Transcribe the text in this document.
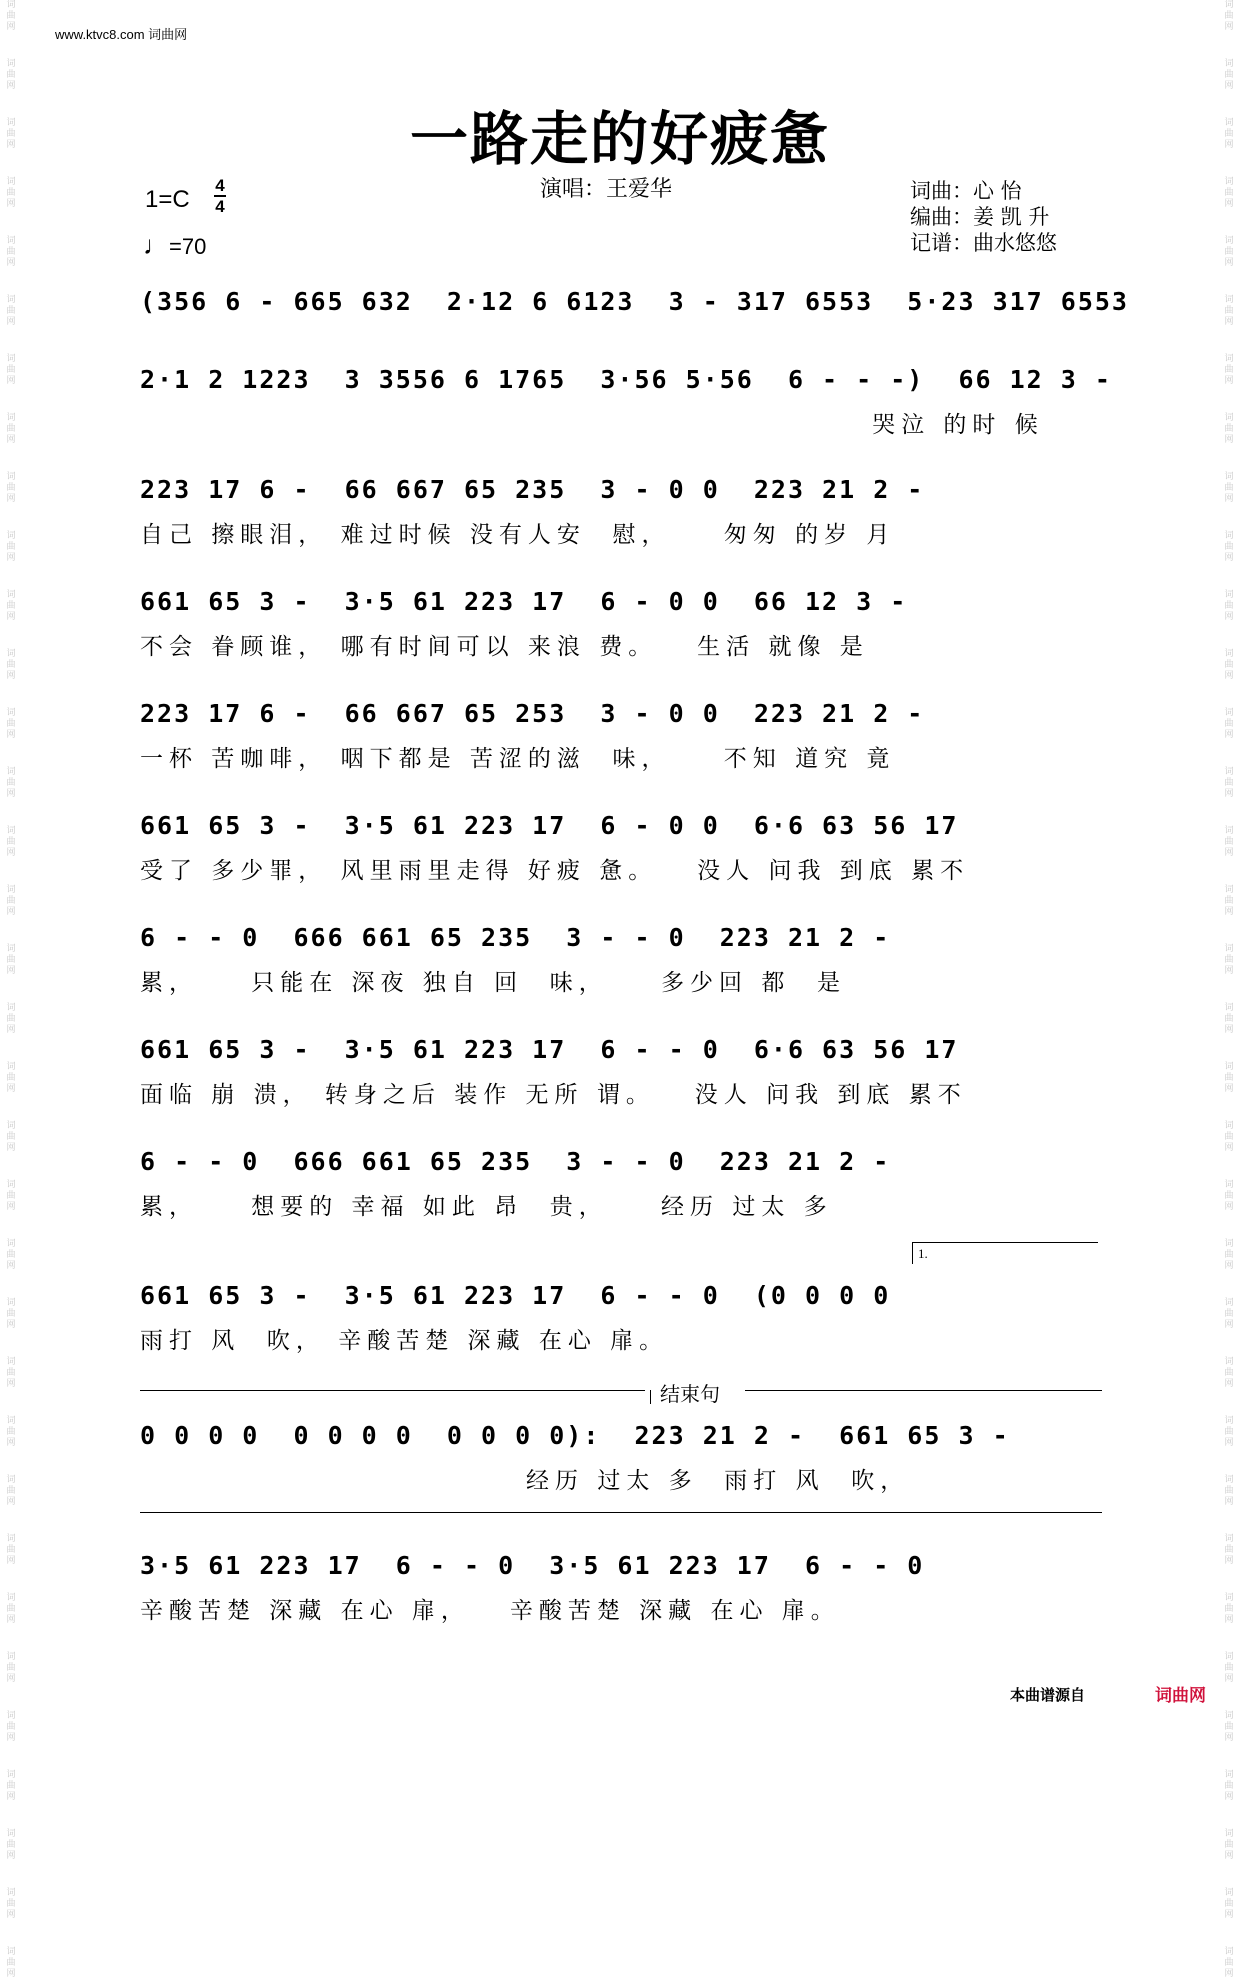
www.ktvc8.com 词曲网
词
曲
网
词
曲
网
词
曲
网
词
曲
网
词
曲
网
词
曲
网
词
曲
网
词
曲
网
词
曲
网
词
曲
网
词
曲
网
词
曲
网
词
曲
网
词
曲
网
词
曲
网
词
曲
网
词
曲
网
词
曲
网
词
曲
网
词
曲
网
词
曲
网
词
曲
网
词
曲
网
词
曲
网
词
曲
网
词
曲
网
词
曲
网
词
曲
网
词
曲
网
词
曲
网
词
曲
网
词
曲
网
词
曲
网
词
曲
网
词
曲
网
词
曲
网
词
曲
网
词
曲
网
词
曲
网
词
曲
网
词
曲
网
词
曲
网
词
曲
网
词
曲
网
词
曲
网
词
曲
网
词
曲
网
词
曲
网
词
曲
网
词
曲
网
词
曲
网
词
曲
网
词
曲
网
词
曲
网
词
曲
网
词
曲
网
词
曲
网
词
曲
网
词
曲
网
词
曲
网
词
曲
网
词
曲
网
词
曲
网
词
曲
网
词
曲
网
词
曲
网
词
曲
网
词
曲
网
一路走的好疲惫
1=C
4
4
♩=70
演唱：王爱华	词曲：心 怡
编曲：姜 凯 升
记谱：曲水悠悠
(356 6 - 665 632  2·12 6 6123  3 - 317 6553  5·23 317 6553
2·1 2 1223  3 3556 6 1765  3·56 5·56  6 - - -)  66 12 3 -
哭泣 的时 候
223 17 6 -  66 667 65 235  3 - 0 0  223 21 2 -
自己 擦眼泪， 难过时候 没有人安  慰，    匆匆 的岁 月
661 65 3 -  3·5 61 223 17  6 - 0 0  66 12 3 -
不会 眷顾谁， 哪有时间可以 来浪 费。   生活 就像 是
223 17 6 -  66 667 65 253  3 - 0 0  223 21 2 -
一杯 苦咖啡， 咽下都是 苦涩的滋  味，    不知 道究 竟
661 65 3 -  3·5 61 223 17  6 - 0 0  6·6 63 56 17
受了 多少罪， 风里雨里走得 好疲 惫。   没人 问我 到底 累不
6 - - 0  666 661 65 235  3 - - 0  223 21 2 -
累，    只能在 深夜 独自 回  味，    多少回 都  是
661 65 3 -  3·5 61 223 17  6 - - 0  6·6 63 56 17
面临 崩 溃， 转身之后 装作 无所 谓。   没人 问我 到底 累不
6 - - 0  666 661 65 235  3 - - 0  223 21 2 -
累，    想要的 幸福 如此 昂  贵，    经历 过太 多
1.
661 65 3 -  3·5 61 223 17  6 - - 0  (0 0 0 0
雨打 风  吹， 辛酸苦楚 深藏 在心 扉。
结束句
0 0 0 0  0 0 0 0  0 0 0 0):  223 21 2 -  661 65 3 -
经历 过太 多  雨打 风  吹，
3·5 61 223 17  6 - - 0  3·5 61 223 17  6 - - 0
辛酸苦楚 深藏 在心 扉，   辛酸苦楚 深藏 在心 扉。
本曲谱源自	词曲网
